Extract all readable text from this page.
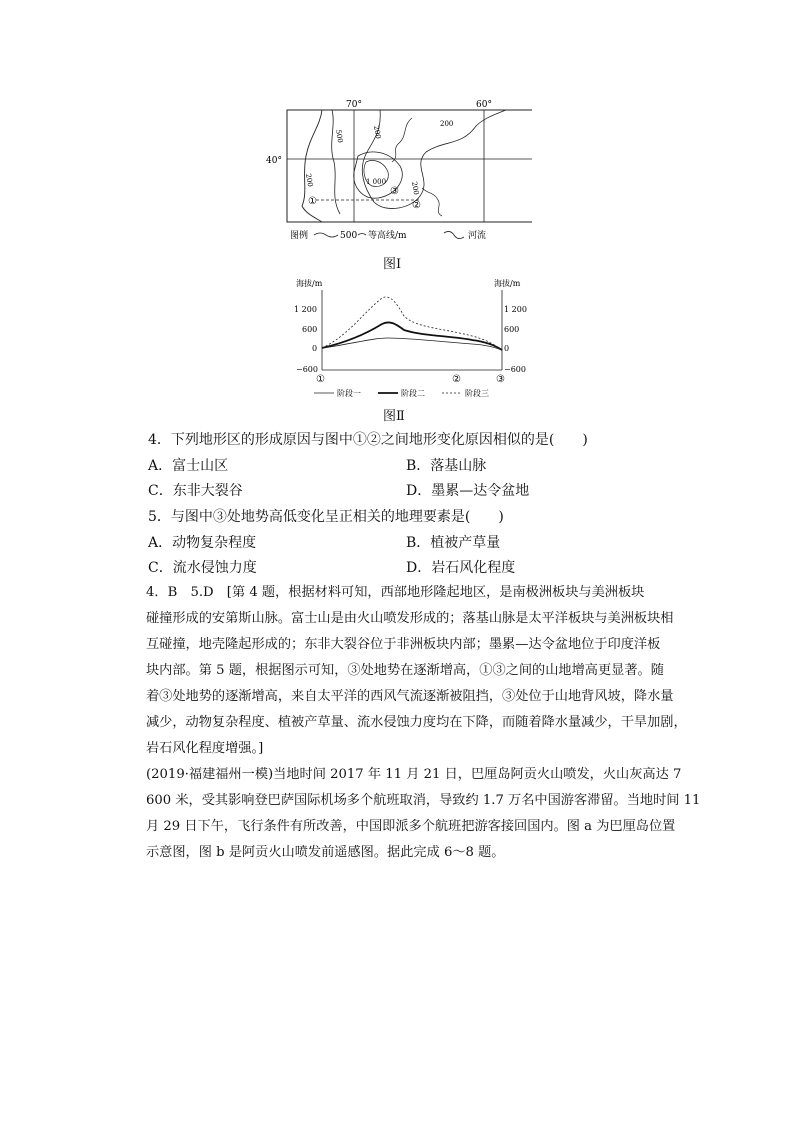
70°	60°
40°
500
200
200	1 000	200
200
①
③
②
图例	500 等高线/m	河流
图Ⅰ
海拔/m	海拔/m
1 200
600
0
−600
1 200
600
0
−600
①	②	③
阶段一	阶段二	阶段三
图Ⅱ
4．下列地形区的形成原因与图中①②之间地形变化原因相似的是(　　)
A．富士山区	B．落基山脉
C．东非大裂谷	D．墨累—达令盆地
5．与图中③处地势高低变化呈正相关的地理要素是(　　)
A．动物复杂程度	B．植被产草量
C．流水侵蚀力度	D．岩石风化程度
4．B　5.D　[第 4 题，根据材料可知，西部地形隆起地区，是南极洲板块与美洲板块
碰撞形成的安第斯山脉。富士山是由火山喷发形成的；落基山脉是太平洋板块与美洲板块相
互碰撞，地壳隆起形成的；东非大裂谷位于非洲板块内部；墨累—达令盆地位于印度洋板
块内部。第 5 题，根据图示可知，③处地势在逐渐增高，①③之间的山地增高更显著。随
着③处地势的逐渐增高，来自太平洋的西风气流逐渐被阻挡，③处位于山地背风坡，降水量
减少，动物复杂程度、植被产草量、流水侵蚀力度均在下降，而随着降水量减少，干旱加剧，
岩石风化程度增强。]
(2019·福建福州一模)当地时间 2017 年 11 月 21 日，巴厘岛阿贡火山喷发，火山灰高达 7
600 米，受其影响登巴萨国际机场多个航班取消，导致约 1.7 万名中国游客滞留。当地时间 11
月 29 日下午，飞行条件有所改善，中国即派多个航班把游客接回国内。图 a 为巴厘岛位置
示意图，图 b 是阿贡火山喷发前遥感图。据此完成 6～8 题。
